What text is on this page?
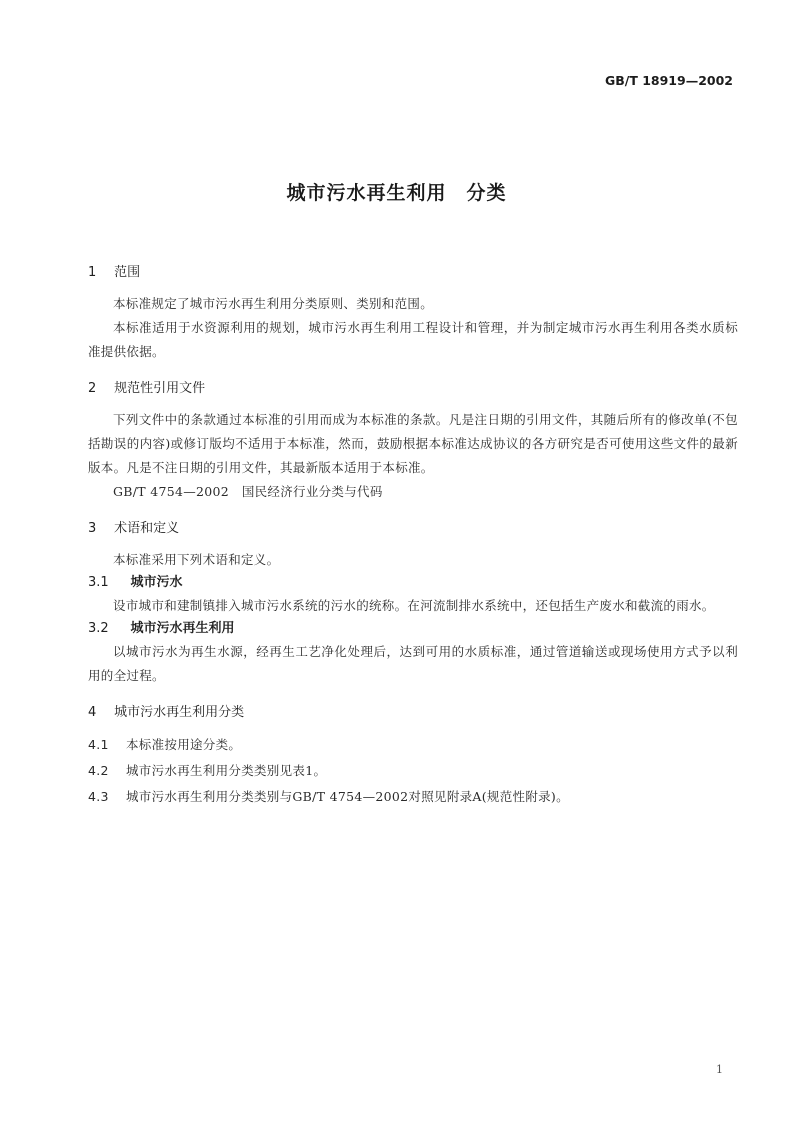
GB/T 18919—2002
城市污水再生利用　分类

1 范围

本标准规定了城市污水再生利用分类原则、类别和范围。

本标准适用于水资源利用的规划，城市污水再生利用工程设计和管理，并为制定城市污水再生利用各类水质标准提供依据。

2 规范性引用文件

下列文件中的条款通过本标准的引用而成为本标准的条款。凡是注日期的引用文件，其随后所有的修改单(不包括勘误的内容)或修订版均不适用于本标准，然而，鼓励根据本标准达成协议的各方研究是否可使用这些文件的最新版本。凡是不注日期的引用文件，其最新版本适用于本标准。

GB/T 4754—2002　国民经济行业分类与代码

3 术语和定义

本标准采用下列术语和定义。

3.1 城市污水

设市城市和建制镇排入城市污水系统的污水的统称。在河流制排水系统中，还包括生产废水和截流的雨水。

3.2 城市污水再生利用

以城市污水为再生水源，经再生工艺净化处理后，达到可用的水质标准，通过管道输送或现场使用方式予以利用的全过程。

4 城市污水再生利用分类

4.1 本标准按用途分类。

4.2 城市污水再生利用分类类别见表1。

4.3 城市污水再生利用分类类别与GB/T 4754—2002对照见附录A(规范性附录)。

1
